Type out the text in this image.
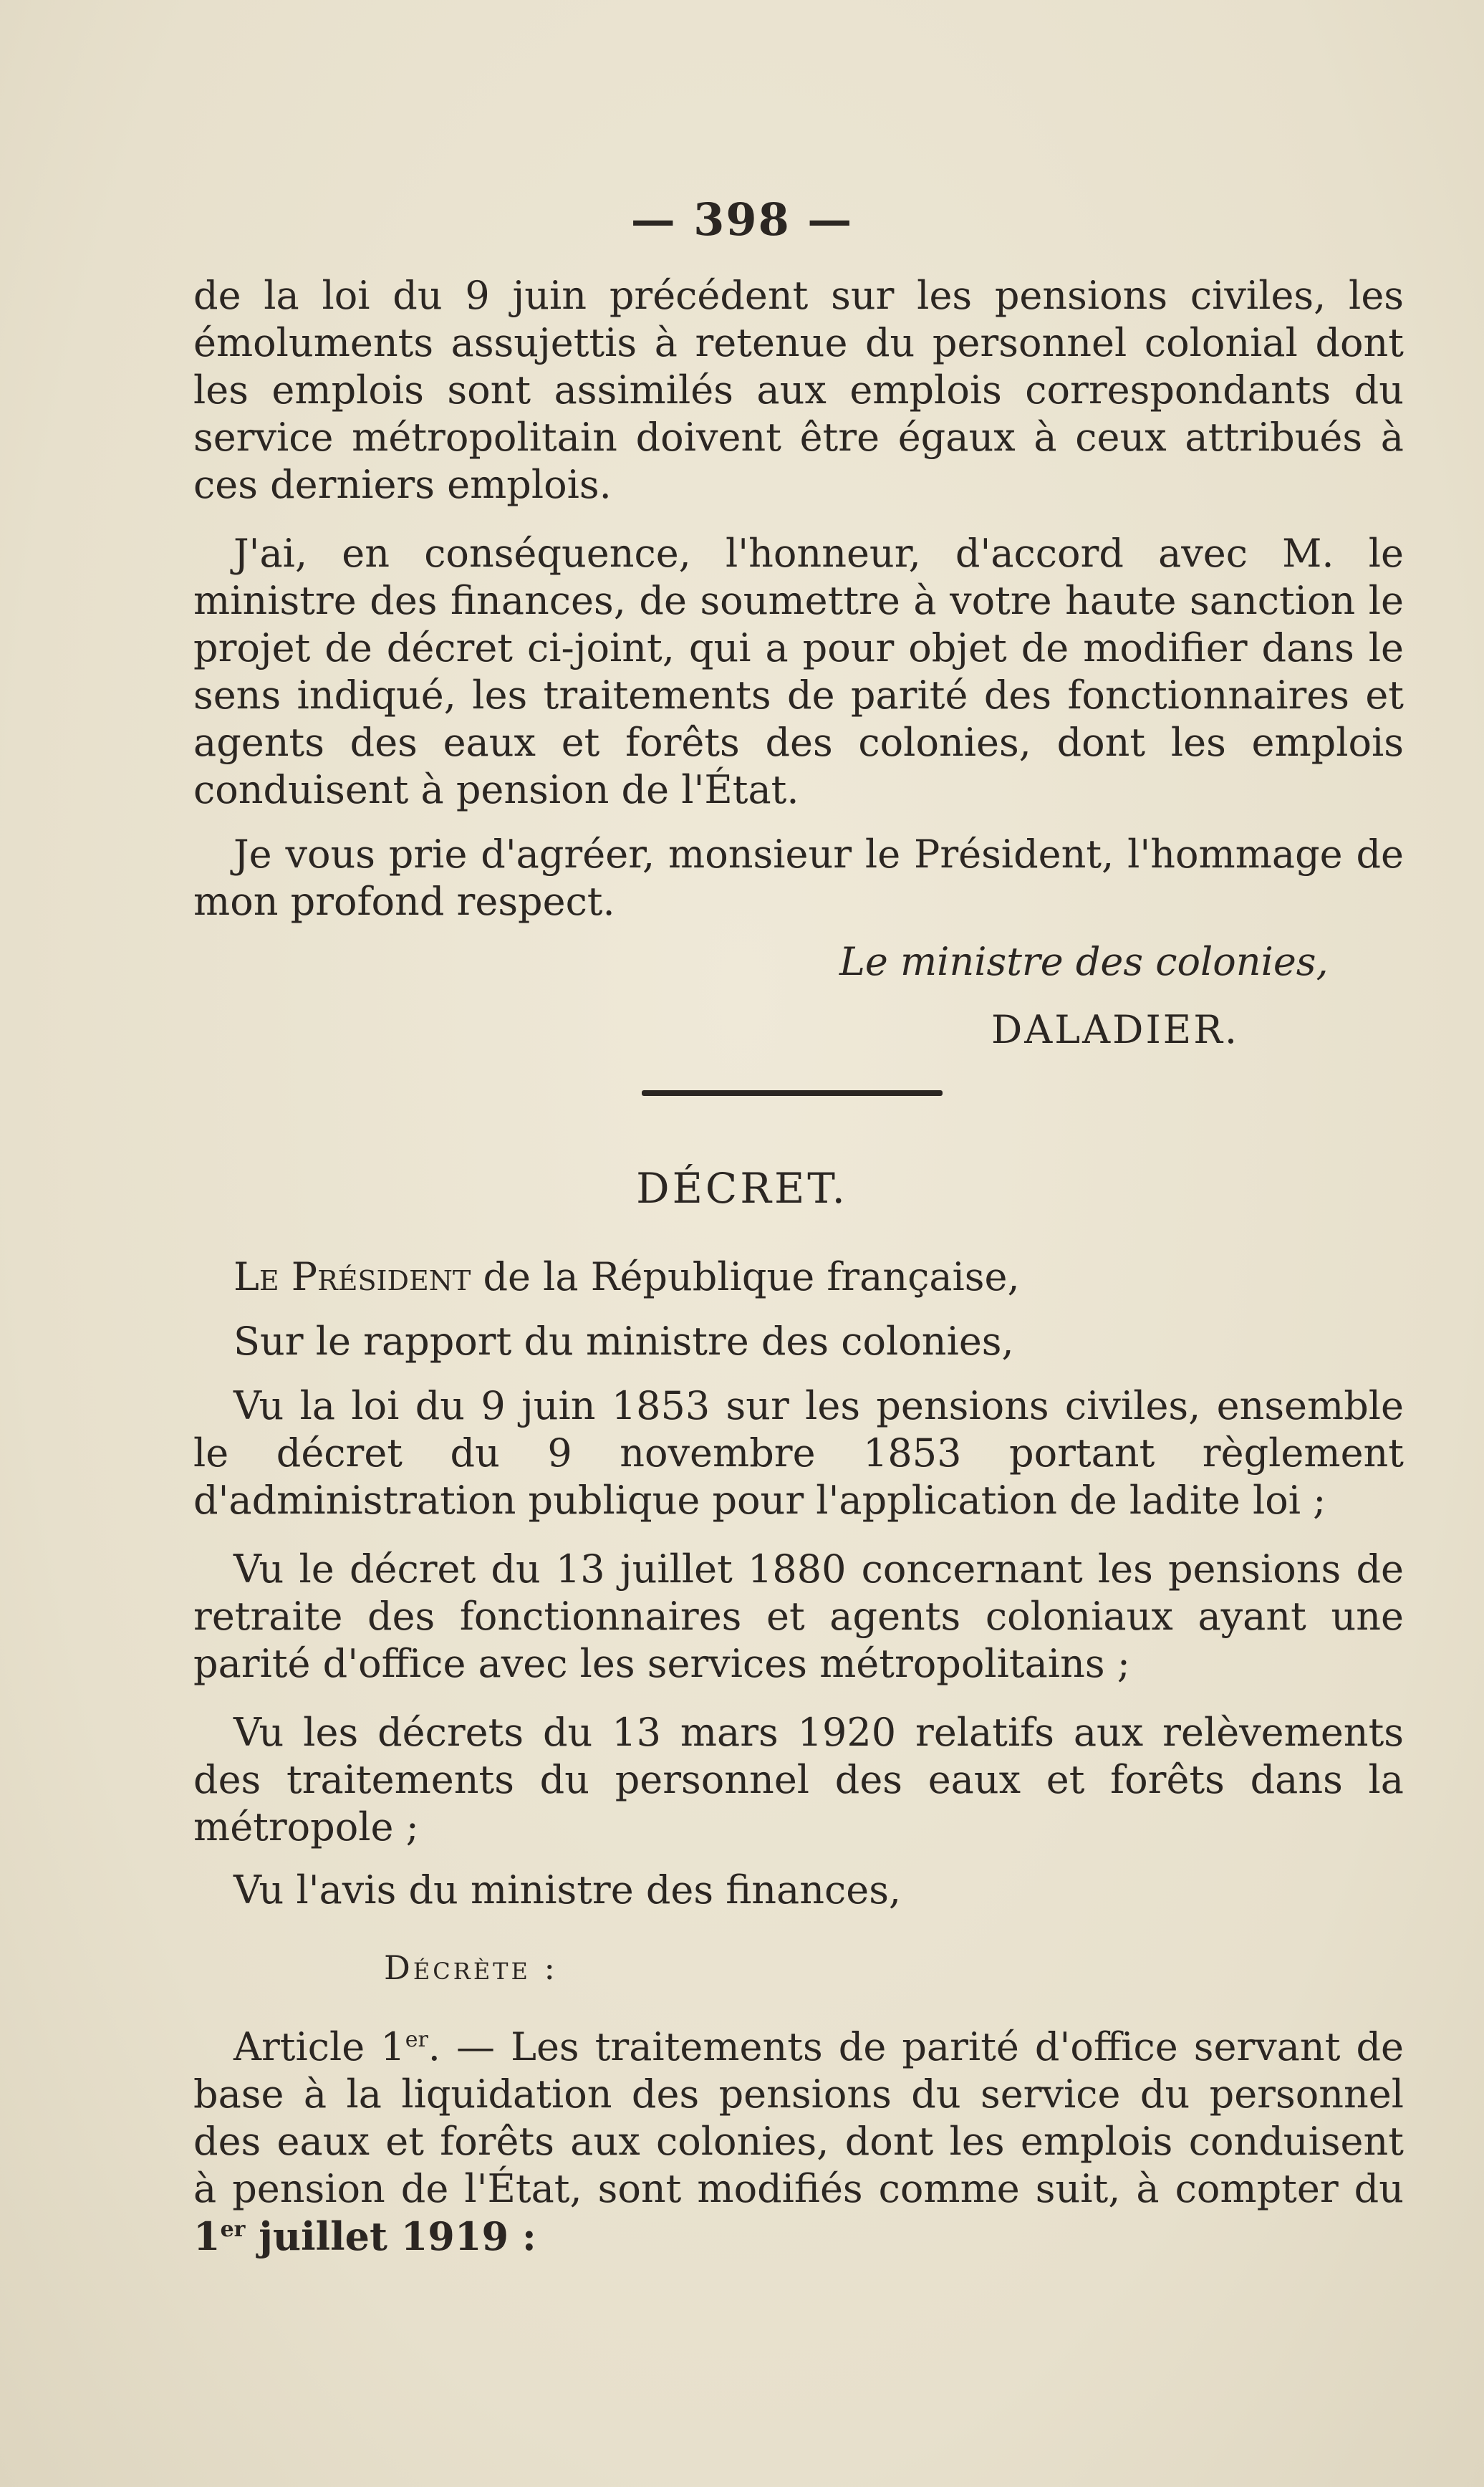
— 398 —

de la loi du 9 juin précédent sur les pensions civiles, les émoluments assujettis à retenue du personnel colonial dont les emplois sont assimilés aux emplois correspondants du service métropolitain doivent être égaux à ceux attribués à ces derniers emplois.

J'ai, en conséquence, l'honneur, d'accord avec M. le ministre des finances, de soumettre à votre haute sanction le projet de décret ci-joint, qui a pour objet de modifier dans le sens indiqué, les traitements de parité des fonctionnaires et agents des eaux et forêts des colonies, dont les emplois conduisent à pension de l'État.

Je vous prie d'agréer, monsieur le Président, l'hommage de mon profond respect.

Le ministre des colonies,
DALADIER.
DÉCRET.

Le Président de la République française,

Sur le rapport du ministre des colonies,

Vu la loi du 9 juin 1853 sur les pensions civiles, ensemble le décret du 9 novembre 1853 portant règlement d'administration publique pour l'application de ladite loi ;

Vu le décret du 13 juillet 1880 concernant les pensions de retraite des fonctionnaires et agents coloniaux ayant une parité d'office avec les services métropolitains ;

Vu les décrets du 13 mars 1920 relatifs aux relèvements des traitements du personnel des eaux et forêts dans la métropole ;

Vu l'avis du ministre des finances,

Décrète :

Article 1er. — Les traitements de parité d'office servant de base à la liquidation des pensions du service du personnel des eaux et forêts aux colonies, dont les emplois conduisent à pension de l'État, sont modifiés comme suit, à compter du 1er juillet 1919 :
